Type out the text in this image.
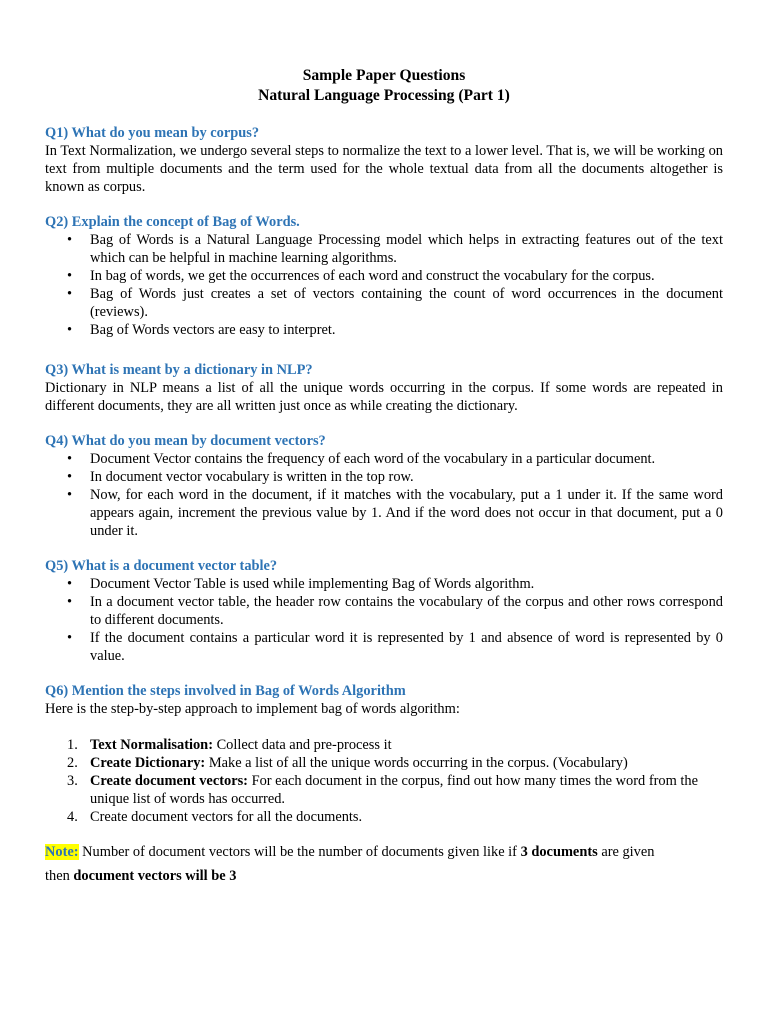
Sample Paper Questions
Natural Language Processing (Part 1)

Q1) What do you mean by corpus?

In Text Normalization, we undergo several steps to normalize the text to a lower level. That is, we will be working on text from multiple documents and the term used for the whole textual data from all the documents altogether is known as corpus.

Q2) Explain the concept of Bag of Words.

• Bag of Words is a Natural Language Processing model which helps in extracting features out of the text which can be helpful in machine learning algorithms.
• In bag of words, we get the occurrences of each word and construct the vocabulary for the corpus.
• Bag of Words just creates a set of vectors containing the count of word occurrences in the document (reviews).
• Bag of Words vectors are easy to interpret.

Q3) What is meant by a dictionary in NLP?

Dictionary in NLP means a list of all the unique words occurring in the corpus. If some words are repeated in different documents, they are all written just once as while creating the dictionary.

Q4) What do you mean by document vectors?

• Document Vector contains the frequency of each word of the vocabulary in a particular document.
• In document vector vocabulary is written in the top row.
• Now, for each word in the document, if it matches with the vocabulary, put a 1 under it. If the same word appears again, increment the previous value by 1. And if the word does not occur in that document, put a 0 under it.

Q5) What is a document vector table?

• Document Vector Table is used while implementing Bag of Words algorithm.
• In a document vector table, the header row contains the vocabulary of the corpus and other rows correspond to different documents.
• If the document contains a particular word it is represented by 1 and absence of word is represented by 0 value.

Q6) Mention the steps involved in Bag of Words Algorithm

Here is the step-by-step approach to implement bag of words algorithm:

1. Text Normalisation: Collect data and pre-process it
2. Create Dictionary: Make a list of all the unique words occurring in the corpus. (Vocabulary)
3. Create document vectors: For each document in the corpus, find out how many times the word from the unique list of words has occurred.
4. Create document vectors for all the documents.

Note: Number of document vectors will be the number of documents given like if 3 documents are given

then document vectors will be 3
